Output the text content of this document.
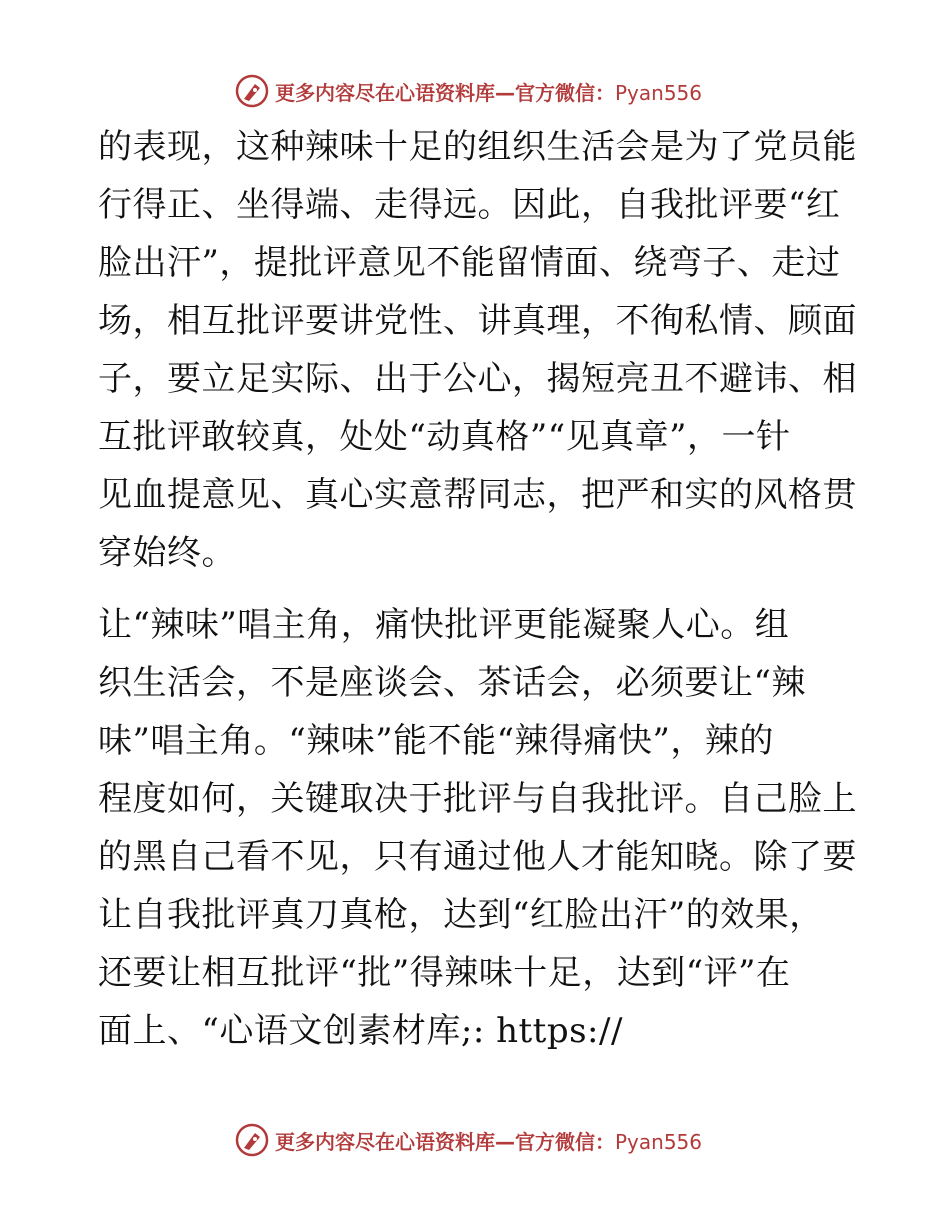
更多内容尽在心语资料库—官方微信：Pyan556
的表现，这种辣味十足的组织生活会是为了党员能
行得正、坐得端、走得远。因此，自我批评要“红
脸出汗”，提批评意见不能留情面、绕弯子、走过
场，相互批评要讲党性、讲真理，不徇私情、顾面
子，要立足实际、出于公心，揭短亮丑不避讳、相
互批评敢较真，处处“动真格”“见真章”，一针
见血提意见、真心实意帮同志，把严和实的风格贯
穿始终。
让“辣味”唱主角，痛快批评更能凝聚人心。组
织生活会，不是座谈会、茶话会，必须要让“辣
味”唱主角。“辣味”能不能“辣得痛快”，辣的
程度如何，关键取决于批评与自我批评。自己脸上
的黑自己看不见，只有通过他人才能知晓。除了要
让自我批评真刀真枪，达到“红脸出汗”的效果，
还要让相互批评“批”得辣味十足，达到“评”在
面上、“心语文创素材库;: https://
更多内容尽在心语资料库—官方微信：Pyan556
